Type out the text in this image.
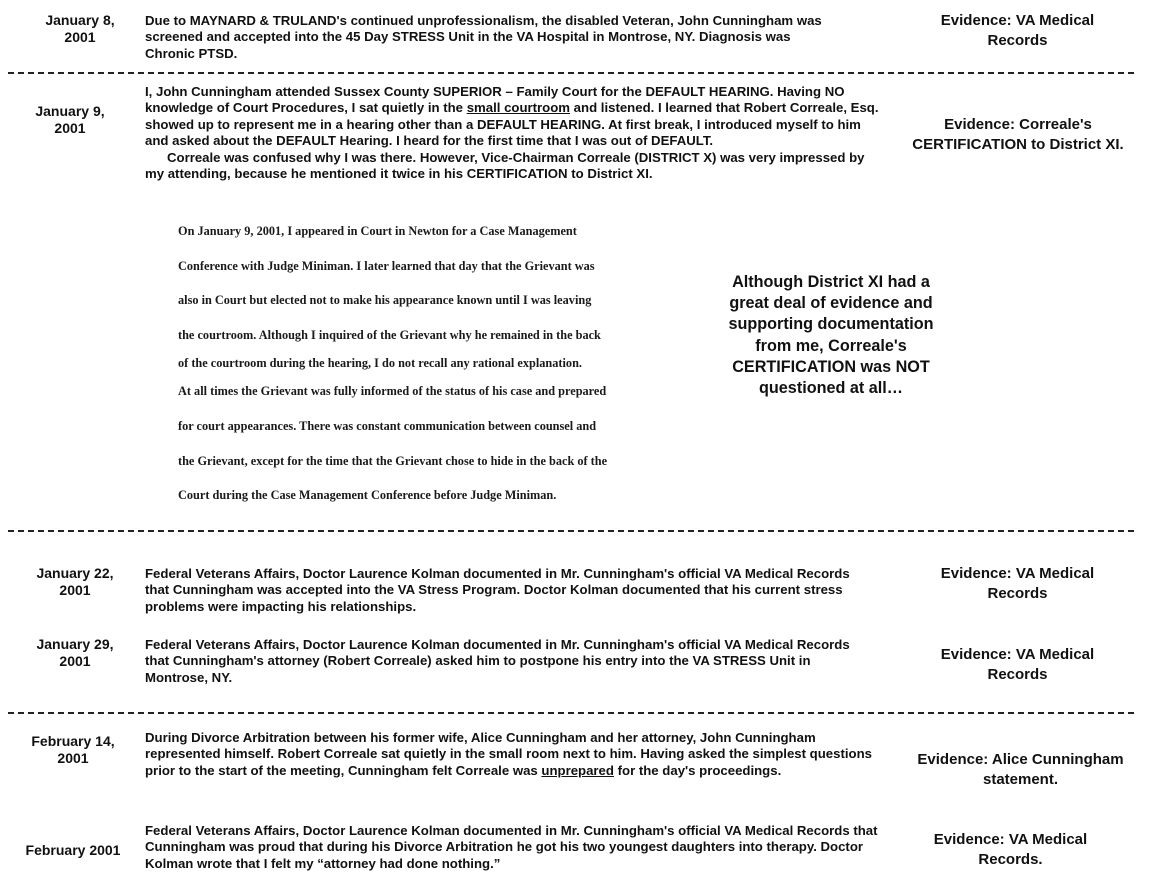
January 8,
2001
Due to MAYNARD & TRULAND's continued unprofessionalism, the disabled Veteran, John Cunningham was screened and accepted into the 45 Day STRESS Unit in the VA Hospital in Montrose, NY. Diagnosis was Chronic PTSD.
Evidence: VA Medical
Records
January 9,
2001
I, John Cunningham attended Sussex County SUPERIOR – Family Court for the DEFAULT HEARING. Having NO knowledge of Court Procedures, I sat quietly in the small courtroom and listened. I learned that Robert Correale, Esq. showed up to represent me in a hearing other than a DEFAULT HEARING. At first break, I introduced myself to him and asked about the DEFAULT Hearing. I heard for the first time that I was out of DEFAULT.
Correale was confused why I was there. However, Vice-Chairman Correale (DISTRICT X) was very impressed by my attending, because he mentioned it twice in his CERTIFICATION to District XI.
Evidence: Correale's
CERTIFICATION to District XI.
On January 9, 2001, I appeared in Court in Newton for a Case Management
Conference with Judge Miniman. I later learned that day that the Grievant was
also in Court but elected not to make his appearance known until I was leaving
the courtroom. Although I inquired of the Grievant why he remained in the back
of the courtroom during the hearing, I do not recall any rational explanation.
At all times the Grievant was fully informed of the status of his case and prepared
for court appearances. There was constant communication between counsel and
the Grievant, except for the time that the Grievant chose to hide in the back of the
Court during the Case Management Conference before Judge Miniman.
Although District XI had a great deal of evidence and supporting documentation from me, Correale's CERTIFICATION was NOT questioned at all…
January 22,
2001
Federal Veterans Affairs, Doctor Laurence Kolman documented in Mr. Cunningham's official VA Medical Records that Cunningham was accepted into the VA Stress Program. Doctor Kolman documented that his current stress problems were impacting his relationships.
Evidence: VA Medical
Records
January 29,
2001
Federal Veterans Affairs, Doctor Laurence Kolman documented in Mr. Cunningham's official VA Medical Records that Cunningham's attorney (Robert Correale) asked him to postpone his entry into the VA STRESS Unit in Montrose, NY.
Evidence: VA Medical
Records
February 14,
2001
During Divorce Arbitration between his former wife, Alice Cunningham and her attorney, John Cunningham represented himself. Robert Correale sat quietly in the small room next to him. Having asked the simplest questions prior to the start of the meeting, Cunningham felt Correale was unprepared for the day's proceedings.
Evidence: Alice Cunningham
statement.
February 2001
Federal Veterans Affairs, Doctor Laurence Kolman documented in Mr. Cunningham's official VA Medical Records that Cunningham was proud that during his Divorce Arbitration he got his two youngest daughters into therapy. Doctor Kolman wrote that I felt my “attorney had done nothing.”
Evidence: VA Medical
Records.
